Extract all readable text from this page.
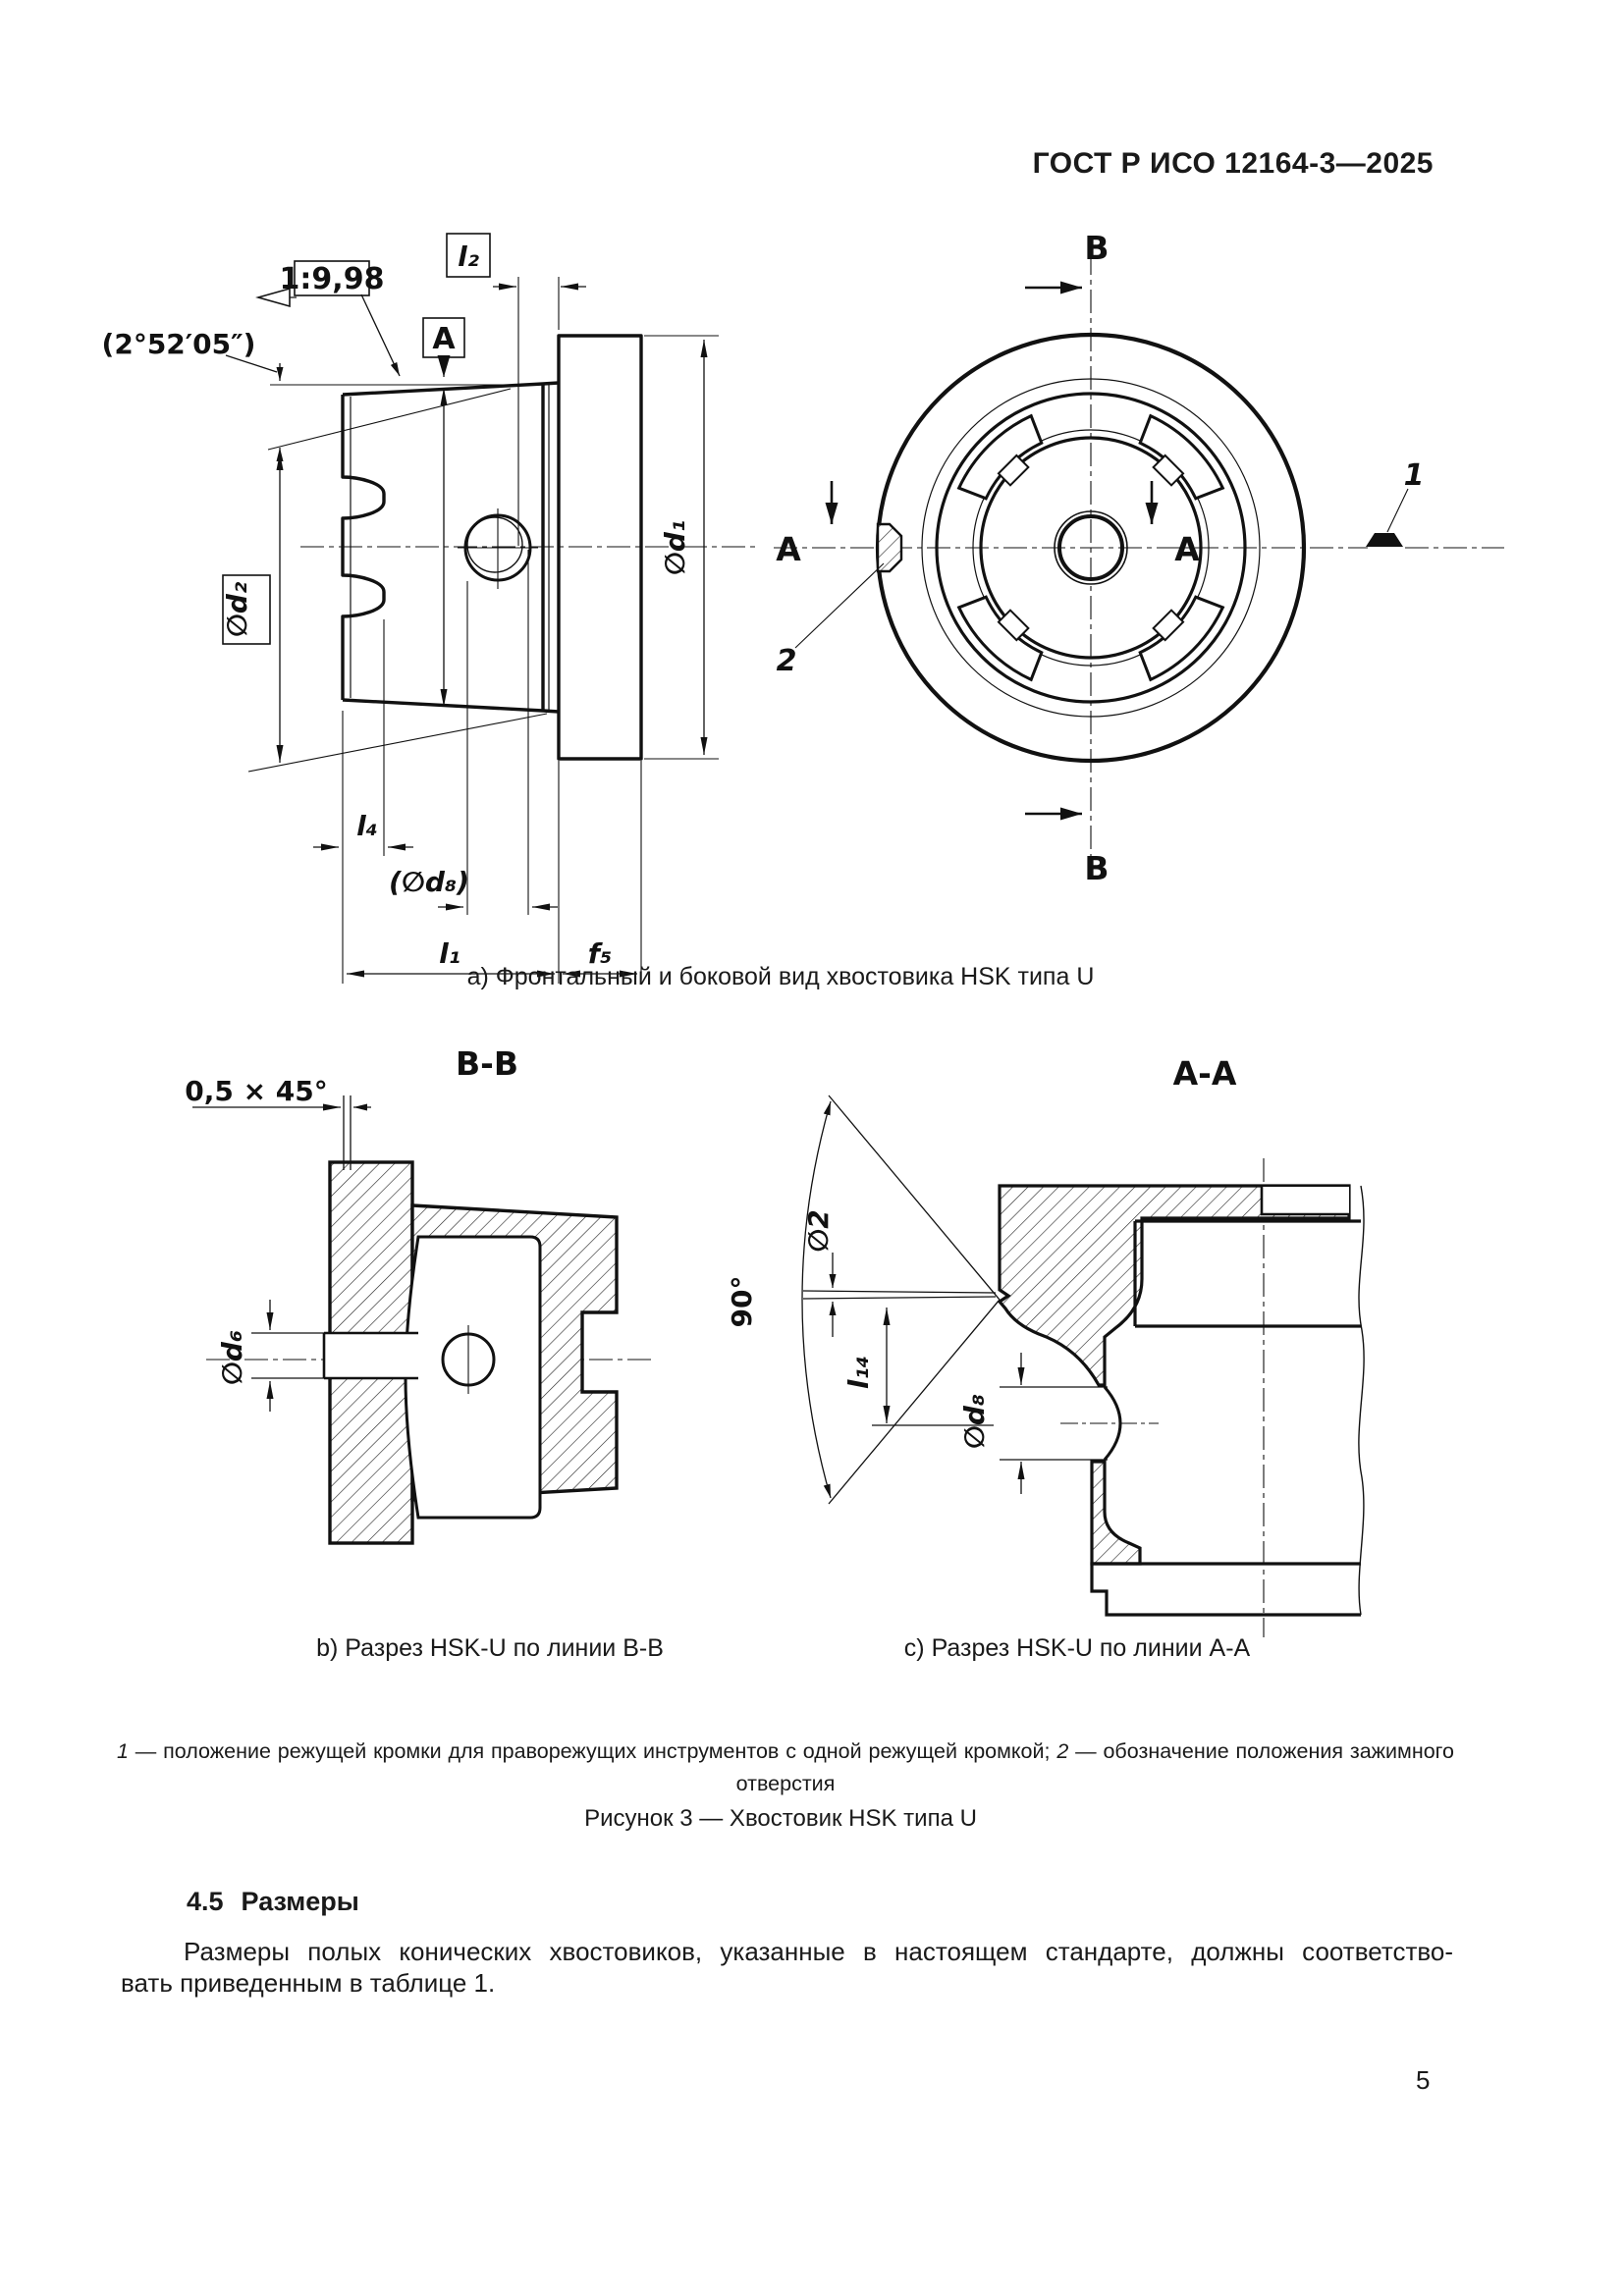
ГОСТ Р ИСО 12164-3—2025
1:9,98
l₂
A
(2°52′05″)
∅d₂
∅d₁
l₄
(∅d₈)
l₁	f₅
B
B
A	A
1
2
В-В
0,5 × 45°
∅d₆
А-А
90°
∅2
l₁₄
∅d₈
а) Фронтальный и боковой вид хвостовика HSK типа U
b) Разрез HSK-U по линии В-В	c) Разрез HSK-U по линии А-А
1 — положение режущей кромки для праворежущих инструментов с одной режущей кромкой; 2 — обозначение положения зажимного отверстия
Рисунок 3 — Хвостовик HSK типа U
4.5 Размеры
Размеры полых конических хвостовиков, указанные в настоящем стандарте, должны соответство-
вать приведенным в таблице 1.
5
